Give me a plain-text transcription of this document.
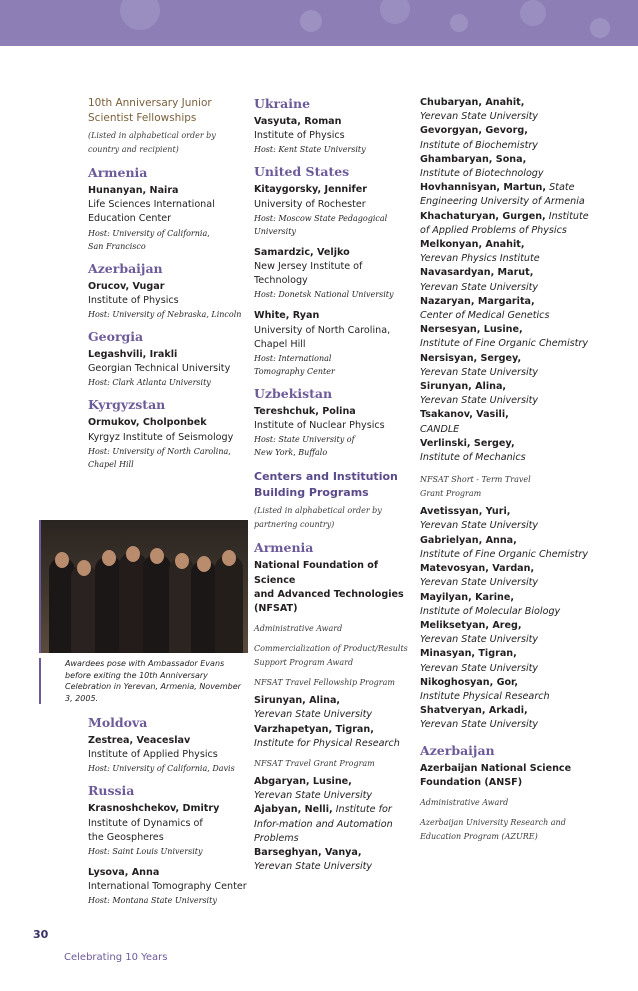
10th Anniversary Junior
Scientist Fellowships
(Listed in alphabetical order by
country and recipient)
Armenia
Hunanyan, Naira
Life Sciences International
Education Center
Host: University of California,
San Francisco
Azerbaijan
Orucov, Vugar
Institute of Physics
Host: University of Nebraska, Lincoln
Georgia
Legashvili, Irakli
Georgian Technical University
Host: Clark Atlanta University
Kyrgyzstan
Ormukov, Cholponbek
Kyrgyz Institute of Seismology
Host: University of North Carolina,
Chapel Hill
Awardees pose with Ambassador Evans before exiting the 10th Anniversary Celebration in Yerevan, Armenia, November 3, 2005.
Moldova
Zestrea, Veaceslav
Institute of Applied Physics
Host: University of California, Davis
Russia
Krasnoshchekov, Dmitry
Institute of Dynamics of
the Geospheres
Host: Saint Louis University
Lysova, Anna
International Tomography Center
Host: Montana State University
Ukraine
Vasyuta, Roman
Institute of Physics
Host: Kent State University
United States
Kitaygorsky, Jennifer
University of Rochester
Host: Moscow State Pedagogical
University
Samardzic, Veljko
New Jersey Institute of Technology
Host: Donetsk National University
White, Ryan
University of North Carolina,
Chapel Hill
Host: International
Tomography Center
Uzbekistan
Tereshchuk, Polina
Institute of Nuclear Physics
Host: State University of
New York, Buffalo
Centers and Institution
Building Programs
(Listed in alphabetical order by
partnering country)
Armenia
National Foundation of Science
and Advanced Technologies
(NFSAT)
Administrative Award
Commercialization of Product/Results
Support Program Award
NFSAT Travel Fellowship Program
Sirunyan, Alina,
Yerevan State University
Varzhapetyan, Tigran,
Institute for Physical Research
NFSAT Travel Grant Program
Abgaryan, Lusine,
Yerevan State University
Ajabyan, Nelli, Institute for Infor-mation and Automation Problems
Barseghyan, Vanya,
Yerevan State University
Chubaryan, Anahit,
Yerevan State University
Gevorgyan, Gevorg,
Institute of Biochemistry
Ghambaryan, Sona,
Institute of Biotechnology
Hovhannisyan, Martun, State Engineering University of Armenia
Khachaturyan, Gurgen, Institute of Applied Problems of Physics
Melkonyan, Anahit,
Yerevan Physics Institute
Navasardyan, Marut,
Yerevan State University
Nazaryan, Margarita,
Center of Medical Genetics
Nersesyan, Lusine,
Institute of Fine Organic Chemistry
Nersisyan, Sergey,
Yerevan State University
Sirunyan, Alina,
Yerevan State University
Tsakanov, Vasili,
CANDLE
Verlinski, Sergey,
Institute of Mechanics
NFSAT Short - Term Travel
Grant Program
Avetissyan, Yuri,
Yerevan State University
Gabrielyan, Anna,
Institute of Fine Organic Chemistry
Matevosyan, Vardan,
Yerevan State University
Mayilyan, Karine,
Institute of Molecular Biology
Meliksetyan, Areg,
Yerevan State University
Minasyan, Tigran,
Yerevan State University
Nikoghosyan, Gor,
Institute Physical Research
Shatveryan, Arkadi,
Yerevan State University
Azerbaijan
Azerbaijan National Science
Foundation (ANSF)
Administrative Award
Azerbaijan University Research and
Education Program (AZURE)
30
Celebrating 10 Years
